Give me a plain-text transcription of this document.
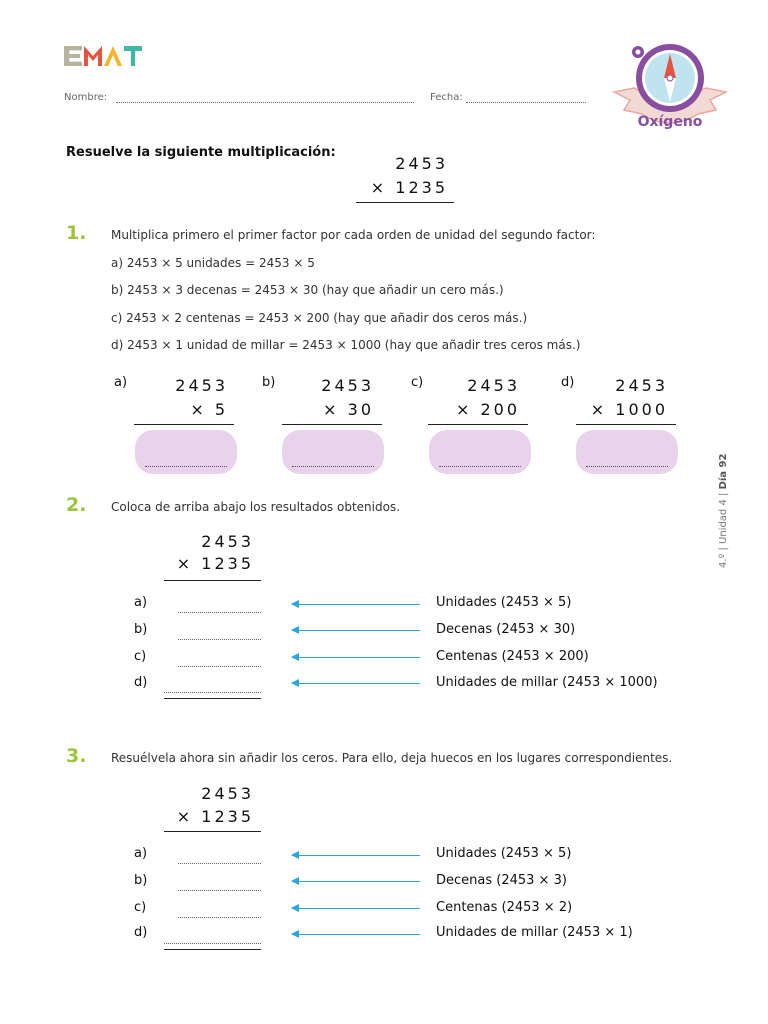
Nombre:	Fecha:
Oxígeno
Resuelve la siguiente multiplicación:
2453
× 1235
1. Multiplica primero el primer factor por cada orden de unidad del segundo factor:
a) 2453 × 5 unidades = 2453 × 5
b) 2453 × 3 decenas = 2453 × 30 (hay que añadir un cero más.)
c) 2453 × 2 centenas = 2453 × 200 (hay que añadir dos ceros más.)
d) 2453 × 1 unidad de millar = 2453 × 1000 (hay que añadir tres ceros más.)
a)	2453
× 5
b)	2453
× 30
c)	2453
× 200
d)	2453
× 1000
2. Coloca de arriba abajo los resultados obtenidos.
2453
× 1235
a)	Unidades (2453 × 5)
b)	Decenas (2453 × 30)
c)	Centenas (2453 × 200)
d)	Unidades de millar (2453 × 1000)
3. Resuélvela ahora sin añadir los ceros. Para ello, deja huecos en los lugares correspondientes.
2453
× 1235
a)	Unidades (2453 × 5)
b)	Decenas (2453 × 3)
c)	Centenas (2453 × 2)
d)	Unidades de millar (2453 × 1)
4.º | Unidad 4 | Día 92
